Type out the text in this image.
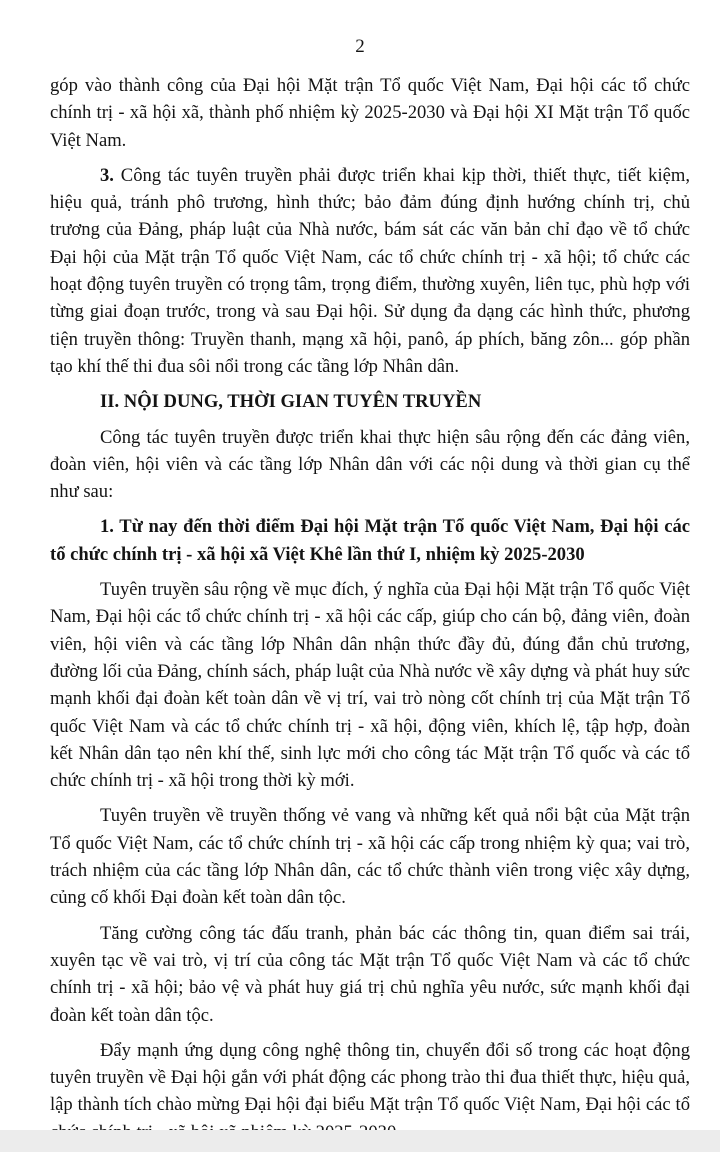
2

góp vào thành công của Đại hội Mặt trận Tổ quốc Việt Nam, Đại hội các tổ chức chính trị - xã hội xã, thành phố nhiệm kỳ 2025-2030 và Đại hội XI Mặt trận Tổ quốc Việt Nam.

3. Công tác tuyên truyền phải được triển khai kịp thời, thiết thực, tiết kiệm, hiệu quả, tránh phô trương, hình thức; bảo đảm đúng định hướng chính trị, chủ trương của Đảng, pháp luật của Nhà nước, bám sát các văn bản chỉ đạo về tổ chức Đại hội của Mặt trận Tổ quốc Việt Nam, các tổ chức chính trị - xã hội; tổ chức các hoạt động tuyên truyền có trọng tâm, trọng điểm, thường xuyên, liên tục, phù hợp với từng giai đoạn trước, trong và sau Đại hội. Sử dụng đa dạng các hình thức, phương tiện truyền thông: Truyền thanh, mạng xã hội, panô, áp phích, băng zôn... góp phần tạo khí thế thi đua sôi nổi trong các tầng lớp Nhân dân.

II. NỘI DUNG, THỜI GIAN TUYÊN TRUYỀN

Công tác tuyên truyền được triển khai thực hiện sâu rộng đến các đảng viên, đoàn viên, hội viên và các tầng lớp Nhân dân với các nội dung và thời gian cụ thể như sau:

1. Từ nay đến thời điểm Đại hội Mặt trận Tổ quốc Việt Nam, Đại hội các tổ chức chính trị - xã hội xã Việt Khê lần thứ I, nhiệm kỳ 2025-2030

Tuyên truyền sâu rộng về mục đích, ý nghĩa của Đại hội Mặt trận Tổ quốc Việt Nam, Đại hội các tổ chức chính trị - xã hội các cấp, giúp cho cán bộ, đảng viên, đoàn viên, hội viên và các tầng lớp Nhân dân nhận thức đầy đủ, đúng đắn chủ trương, đường lối của Đảng, chính sách, pháp luật của Nhà nước về xây dựng và phát huy sức mạnh khối đại đoàn kết toàn dân về vị trí, vai trò nòng cốt chính trị của Mặt trận Tổ quốc Việt Nam và các tổ chức chính trị - xã hội, động viên, khích lệ, tập hợp, đoàn kết Nhân dân tạo nên khí thế, sinh lực mới cho công tác Mặt trận Tổ quốc và các tổ chức chính trị - xã hội trong thời kỳ mới.

Tuyên truyền về truyền thống vẻ vang và những kết quả nổi bật của Mặt trận Tổ quốc Việt Nam, các tổ chức chính trị - xã hội các cấp trong nhiệm kỳ qua; vai trò, trách nhiệm của các tầng lớp Nhân dân, các tổ chức thành viên trong việc xây dựng, củng cố khối Đại đoàn kết toàn dân tộc.

Tăng cường công tác đấu tranh, phản bác các thông tin, quan điểm sai trái, xuyên tạc về vai trò, vị trí của công tác Mặt trận Tổ quốc Việt Nam và các tổ chức chính trị - xã hội; bảo vệ và phát huy giá trị chủ nghĩa yêu nước, sức mạnh khối đại đoàn kết toàn dân tộc.

Đẩy mạnh ứng dụng công nghệ thông tin, chuyển đổi số trong các hoạt động tuyên truyền về Đại hội gắn với phát động các phong trào thi đua thiết thực, hiệu quả, lập thành tích chào mừng Đại hội đại biểu Mặt trận Tổ quốc Việt Nam, Đại hội các tổ
